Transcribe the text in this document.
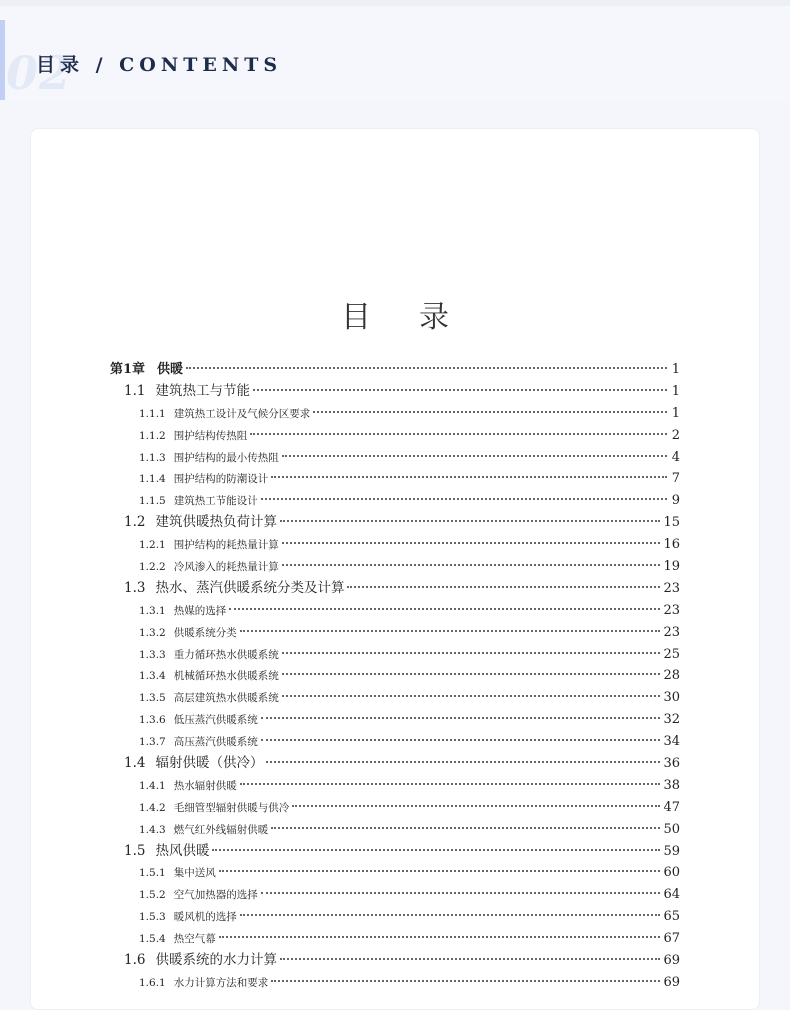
02
目录 / CONTENTS
目录
第1章 供暖	1
1.1 建筑热工与节能	1
1.1.1 建筑热工设计及气候分区要求	1
1.1.2 围护结构传热阻	2
1.1.3 围护结构的最小传热阻	4
1.1.4 围护结构的防潮设计	7
1.1.5 建筑热工节能设计	9
1.2 建筑供暖热负荷计算	15
1.2.1 围护结构的耗热量计算	16
1.2.2 冷风渗入的耗热量计算	19
1.3 热水、蒸汽供暖系统分类及计算	23
1.3.1 热媒的选择	23
1.3.2 供暖系统分类	23
1.3.3 重力循环热水供暖系统	25
1.3.4 机械循环热水供暖系统	28
1.3.5 高层建筑热水供暖系统	30
1.3.6 低压蒸汽供暖系统	32
1.3.7 高压蒸汽供暖系统	34
1.4 辐射供暖（供冷）	36
1.4.1 热水辐射供暖	38
1.4.2 毛细管型辐射供暖与供冷	47
1.4.3 燃气红外线辐射供暖	50
1.5 热风供暖	59
1.5.1 集中送风	60
1.5.2 空气加热器的选择	64
1.5.3 暖风机的选择	65
1.5.4 热空气幕	67
1.6 供暖系统的水力计算	69
1.6.1 水力计算方法和要求	69
